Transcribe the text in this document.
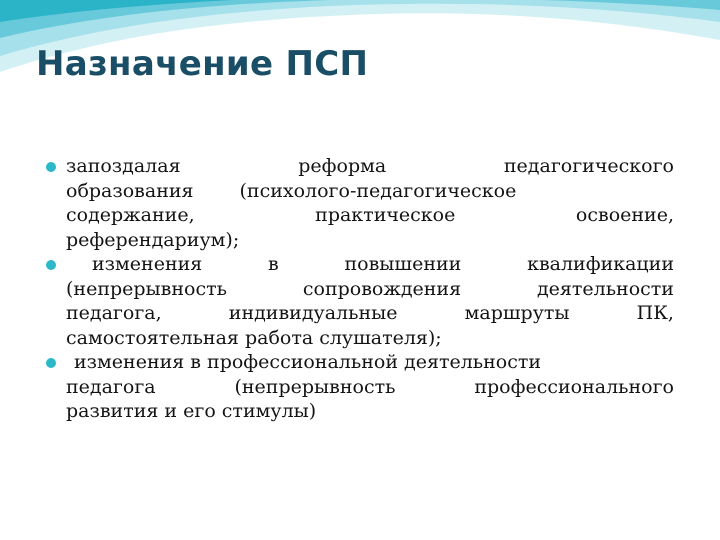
Назначение ПСП
запоздалая	реформа	педагогического
образования (психолого-педагогическое
содержание,	практическое	освоение,
референдариум);
изменения	в	повышении	квалификации
(непрерывность	сопровождения	деятельности
педагога,	индивидуальные	маршруты	ПК,
самостоятельная работа слушателя);
изменения в профессиональной деятельности
педагога	(непрерывность	профессионального
развития и его стимулы)
